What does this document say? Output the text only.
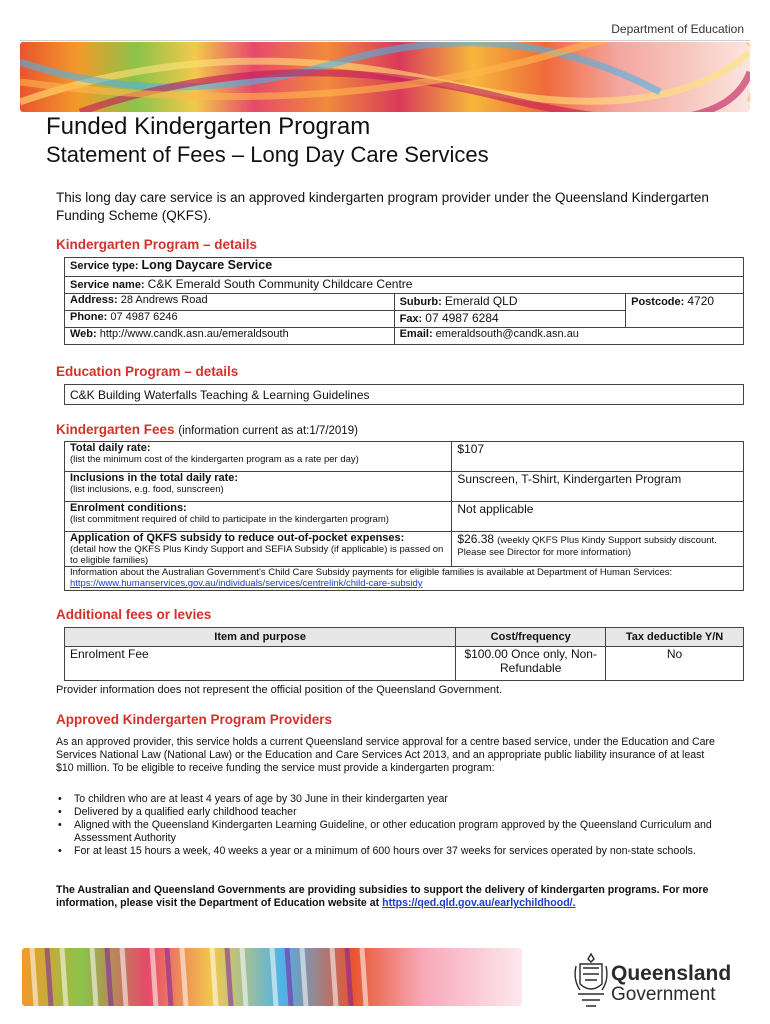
Department of Education
Funded Kindergarten Program
Statement of Fees – Long Day Care Services
This long day care service is an approved kindergarten program provider under the Queensland Kindergarten Funding Scheme (QKFS).
Kindergarten Program – details
Service type: Long Daycare Service		
Service name: C&K Emerald South Community Childcare Centre		
Address: 28 Andrews Road	Suburb: Emerald QLD	Postcode: 4720
Phone: 07 4987 6246	Fax: 07 4987 6284	
Web: http://www.candk.asn.au/emeraldsouth	Email: emeraldsouth@candk.asn.au	
Education Program – details
C&K Building Waterfalls Teaching & Learning Guidelines
Kindergarten Fees (information current as at:1/7/2019)
Total daily rate:
(list the minimum cost of the kindergarten program as a rate per day)	$107

Inclusions in the total daily rate:
(list inclusions, e.g. food, sunscreen)	Sunscreen, T-Shirt, Kindergarten Program

Enrolment conditions:
(list commitment required of child to participate in the kindergarten program)	Not applicable

Application of QKFS subsidy to reduce out-of-pocket expenses:
(detail how the QKFS Plus Kindy Support and SEFIA Subsidy (if applicable) is passed on to eligible families)	$26.38 (weekly QKFS Plus Kindy Support subsidy discount. Please see Director for more information)
Information about the Australian Government's Child Care Subsidy payments for eligible families is available at Department of Human Services: https://www.humanservices.gov.au/individuals/services/centrelink/child-care-subsidy	
Additional fees or levies
Item and purpose	Cost/frequency	Tax deductible Y/N
Enrolment Fee	$100.00 Once only, Non-Refundable	No
Provider information does not represent the official position of the Queensland Government.
Approved Kindergarten Program Providers
As an approved provider, this service holds a current Queensland service approval for a centre based service, under the Education and Care Services National Law (National Law) or the Education and Care Services Act 2013, and an appropriate public liability insurance of at least $10 million. To be eligible to receive funding the service must provide a kindergarten program:
• To children who are at least 4 years of age by 30 June in their kindergarten year
• Delivered by a qualified early childhood teacher
• Aligned with the Queensland Kindergarten Learning Guideline, or other education program approved by the Queensland Curriculum and Assessment Authority
• For at least 15 hours a week, 40 weeks a year or a minimum of 600 hours over 37 weeks for services operated by non-state schools.
The Australian and Queensland Governments are providing subsidies to support the delivery of kindergarten programs. For more information, please visit the Department of Education website at https://qed.qld.gov.au/earlychildhood/.
Queensland
Government
